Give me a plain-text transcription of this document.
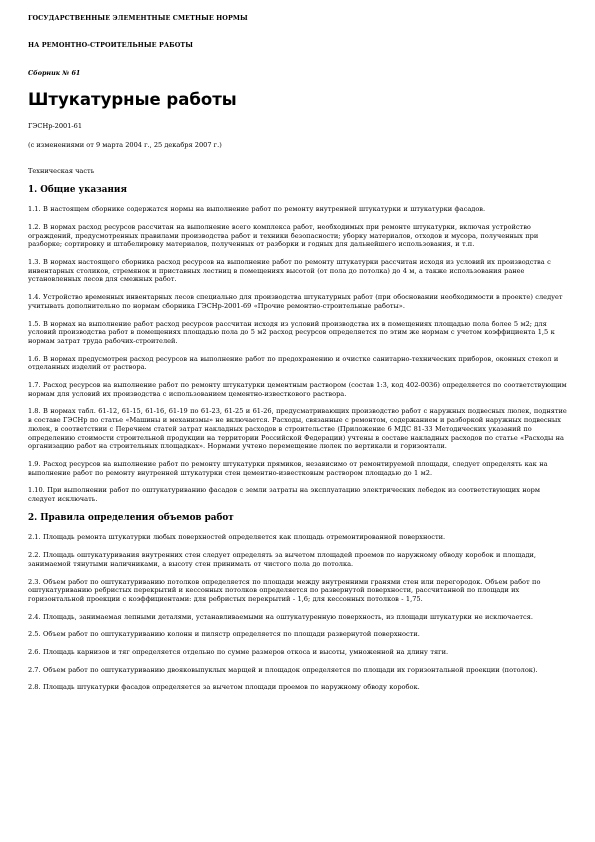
ГОСУДАРСТВЕННЫЕ ЭЛЕМЕНТНЫЕ СМЕТНЫЕ НОРМЫ
НА РЕМОНТНО-СТРОИТЕЛЬНЫЕ РАБОТЫ
Сборник № 61
Штукатурные работы
ГЭСНр-2001-61
(с изменениями от 9 марта 2004 г., 25 декабря 2007 г.)
Техническая часть
1. Общие указания
1.1. В настоящем сборнике содержатся нормы на выполнение работ по ремонту внутренней штукатурки и штукатурки фасадов.
1.2. В нормах расход ресурсов рассчитан на выполнение всего комплекса работ, необходимых при ремонте штукатурки, включая устройство ограждений, предусмотренных правилами производства работ и техники безопасности; уборку материалов, отходов и мусора, полученных при разборке; сортировку и штабелировку материалов, полученных от разборки и годных для дальнейшего использования, и т.п.
1.3. В нормах настоящего сборника расход ресурсов на выполнение работ по ремонту штукатурки рассчитан исходя из условий их производства с инвентарных столиков, стремянок и приставных лестниц в помещениях высотой (от пола до потолка) до 4 м, а также использования ранее установленных лесов для смежных работ.
1.4. Устройство временных инвентарных лесов специально для производства штукатурных работ (при обосновании необходимости в проекте) следует учитывать дополнительно по нормам сборника ГЭСНр-2001-69 «Прочие ремонтно-строительные работы».
1.5. В нормах на выполнение работ расход ресурсов рассчитан исходя из условий производства их в помещениях площадью пола более 5 м2; для условий производства работ в помещениях площадью пола до 5 м2 расход ресурсов определяется по этим же нормам с учетом коэффициента 1,5 к нормам затрат труда рабочих-строителей.
1.6. В нормах предусмотрен расход ресурсов на выполнение работ по предохранению и очистке санитарно-технических приборов, оконных стекол и отделанных изделий от раствора.
1.7. Расход ресурсов на выполнение работ по ремонту штукатурки цементным раствором (состав 1:3, код 402-0036) определяется по соответствующим нормам для условий их производства с использованием цементно-известкового раствора.
1.8. В нормах табл. 61-12, 61-15, 61-16, 61-19 по 61-23, 61-25 и 61-26, предусматривающих производство работ с наружных подвесных люлек, поднятие в составе ГЭСНр по статье «Машины и механизмы» не включается. Расходы, связанные с ремонтом, содержанием и разборкой наружных подвесных люлек, в соответствии с Перечнем статей затрат накладных расходов в строительстве (Приложение 6 МДС 81-33 Методических указаний по определению стоимости строительной продукции на территории Российской Федерации) учтены в составе накладных расходов по статье «Расходы на организацию работ на строительных площадках». Нормами учтено перемещение люлек по вертикали и горизонтали.
1.9. Расход ресурсов на выполнение работ по ремонту штукатурки прямиков, независимо от ремонтируемой площади, следует определять как на выполнение работ по ремонту внутренней штукатурки стен цементно-известковым раствором площадью до 1 м2.
1.10. При выполнении работ по оштукатуриванию фасадов с земли затраты на эксплуатацию электрических лебедок из соответствующих норм следует исключать.
2. Правила определения объемов работ
2.1. Площадь ремонта штукатурки любых поверхностей определяется как площадь отремонтированной поверхности.
2.2. Площадь оштукатуривания внутренних стен следует определять за вычетом площадей проемов по наружному обводу коробок и площади, занимаемой тянутыми наличниками, а высоту стен принимать от чистого пола до потолка.
2.3. Объем работ по оштукатуриванию потолков определяется по площади между внутренними гранями стен или перегородок. Объем работ по оштукатуриванию ребристых перекрытий и кессонных потолков определяется по развернутой поверхности, рассчитанной по площади их горизонтальной проекции с коэффициентами: для ребристых перекрытий - 1,6; для кессонных потолков - 1,75.
2.4. Площадь, занимаемая лепными деталями, устанавливаемыми на оштукатуренную поверхность, из площади штукатурки не исключается.
2.5. Объем работ по оштукатуриванию колонн и пилястр определяется по площади развернутой поверхности.
2.6. Площадь карнизов и тяг определяется отдельно по сумме размеров откоса и высоты, умноженной на длину тяги.
2.7. Объем работ по оштукатуриванию двояковыпуклых марщей и площадок определяется по площади их горизонтальной проекции (потолок).
2.8. Площадь штукатурки фасадов определяется за вычетом площади проемов по наружному обводу коробок.
